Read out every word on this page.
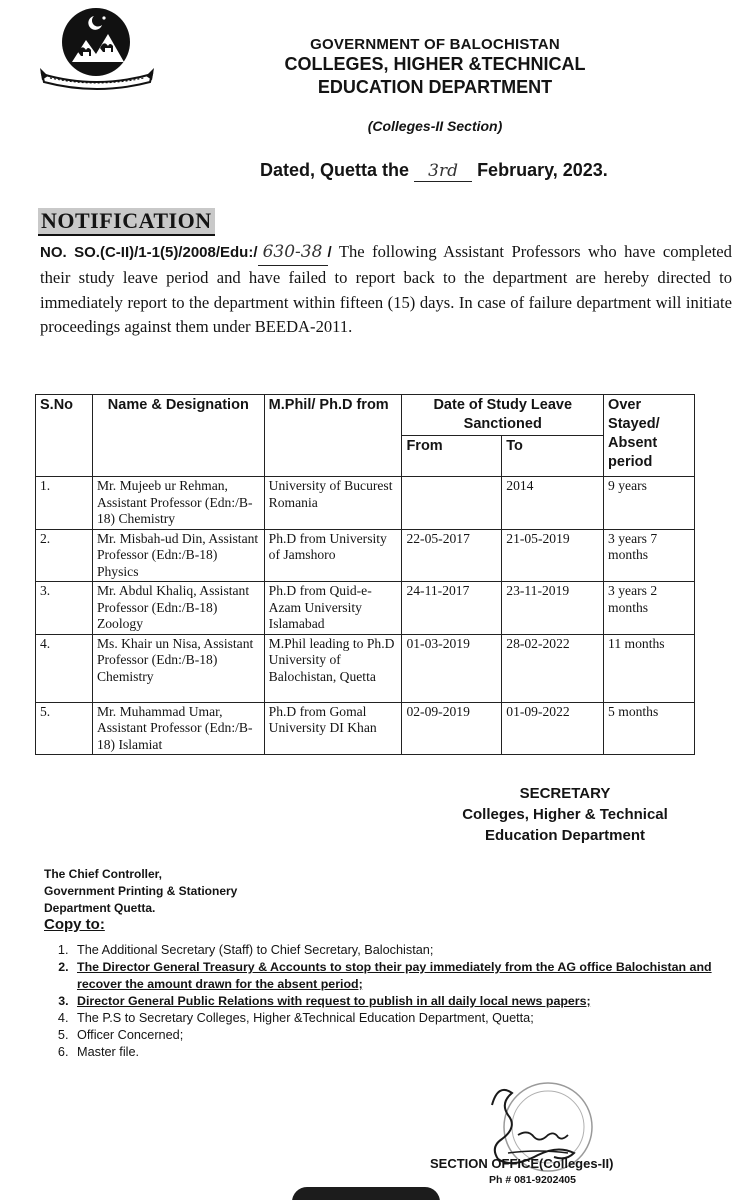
GOVERNMENT OF BALOCHISTAN
COLLEGES, HIGHER &TECHNICAL
EDUCATION DEPARTMENT
(Colleges-II Section)
Dated, Quetta the 3rd February, 2023.
NOTIFICATION
NO. SO.(C-II)/1-1(5)/2008/Edu:/ 630-38 / The following Assistant Professors who have completed their study leave period and have failed to report back to the department are hereby directed to immediately report to the department within fifteen (15) days. In case of failure department will initiate proceedings against them under BEEDA-2011.
S.No	Name & Designation	M.Phil/ Ph.D from	Date of Study Leave Sanctioned		Over Stayed/ Absent period
			From	To	
1.	Mr. Mujeeb ur Rehman, Assistant Professor (Edn:/B-18) Chemistry	University of Bucurest Romania		2014	9 years
2.	Mr. Misbah-ud Din, Assistant Professor (Edn:/B-18) Physics	Ph.D from University of Jamshoro	22-05-2017	21-05-2019	3 years 7 months
3.	Mr. Abdul Khaliq, Assistant Professor (Edn:/B-18) Zoology	Ph.D from Quid-e-Azam University Islamabad	24-11-2017	23-11-2019	3 years 2 months
4.	Ms. Khair un Nisa, Assistant Professor (Edn:/B-18) Chemistry	M.Phil leading to Ph.D University of Balochistan, Quetta	01-03-2019	28-02-2022	11 months
5.	Mr. Muhammad Umar, Assistant Professor (Edn:/B-18) Islamiat	Ph.D from Gomal University DI Khan	02-09-2019	01-09-2022	5 months
SECRETARY
Colleges, Higher & Technical
Education Department
The Chief Controller,
Government Printing & Stationery
Department Quetta.
Copy to:
1. The Additional Secretary (Staff) to Chief Secretary, Balochistan;
2. The Director General Treasury & Accounts to stop their pay immediately from the AG office Balochistan and recover the amount drawn for the absent period;
3. Director General Public Relations with request to publish in all daily local news papers;
4. The P.S to Secretary Colleges, Higher &Technical Education Department, Quetta;
5. Officer Concerned;
6. Master file.
SECTION OFFICE(Colleges-II)
Ph # 081-9202405
